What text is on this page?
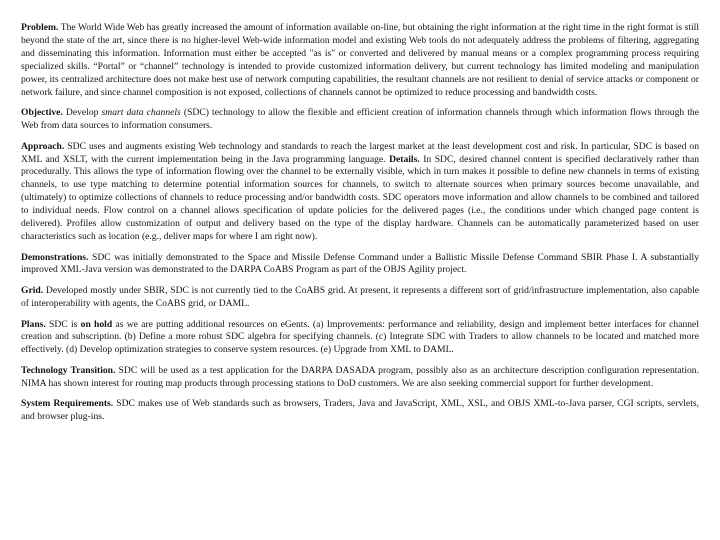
Problem. The World Wide Web has greatly increased the amount of information available on-line, but obtaining the right information at the right time in the right format is still beyond the state of the art, since there is no higher-level Web-wide information model and existing Web tools do not adequately address the problems of filtering, aggregating and disseminating this information. Information must either be accepted "as is" or converted and delivered by manual means or a complex programming process requiring specialized skills. “Portal” or “channel” technology is intended to provide customized information delivery, but current technology has limited modeling and manipulation power, its centralized architecture does not make best use of network computing capabilities, the resultant channels are not resilient to denial of service attacks or component or network failure, and since channel composition is not exposed, collections of channels cannot be optimized to reduce processing and bandwidth costs.

Objective. Develop smart data channels (SDC) technology to allow the flexible and efficient creation of information channels through which information flows through the Web from data sources to information consumers.

Approach. SDC uses and augments existing Web technology and standards to reach the largest market at the least development cost and risk. In particular, SDC is based on XML and XSLT, with the current implementation being in the Java programming language. Details. In SDC, desired channel content is specified declaratively rather than procedurally. This allows the type of information flowing over the channel to be externally visible, which in turn makes it possible to define new channels in terms of existing channels, to use type matching to determine potential information sources for channels, to switch to alternate sources when primary sources become unavailable, and (ultimately) to optimize collections of channels to reduce processing and/or bandwidth costs. SDC operators move information and allow channels to be combined and tailored to individual needs. Flow control on a channel allows specification of update policies for the delivered pages (i.e., the conditions under which changed page content is delivered). Profiles allow customization of output and delivery based on the type of the display hardware. Channels can be automatically parameterized based on user characteristics such as location (e.g., deliver maps for where I am right now).

Demonstrations. SDC was initially demonstrated to the Space and Missile Defense Command under a Ballistic Missile Defense Command SBIR Phase I. A substantially improved XML-Java version was demonstrated to the DARPA CoABS Program as part of the OBJS Agility project.

Grid. Developed mostly under SBIR, SDC is not currently tied to the CoABS grid. At present, it represents a different sort of grid/infrastructure implementation, also capable of interoperability with agents, the CoABS grid, or DAML.

Plans. SDC is on hold as we are putting additional resources on eGents. (a) Improvements: performance and reliability, design and implement better interfaces for channel creation and subscription. (b) Define a more robust SDC algebra for specifying channels. (c) Integrate SDC with Traders to allow channels to be located and matched more effectively. (d) Develop optimization strategies to conserve system resources. (e) Upgrade from XML to DAML.

Technology Transition. SDC will be used as a test application for the DARPA DASADA program, possibly also as an architecture description configuration representation. NIMA has shown interest for routing map products through processing stations to DoD customers. We are also seeking commercial support for further development.

System Requirements. SDC makes use of Web standards such as browsers, Traders, Java and JavaScript, XML, XSL, and OBJS XML-to-Java parser, CGI scripts, servlets, and browser plug-ins.
